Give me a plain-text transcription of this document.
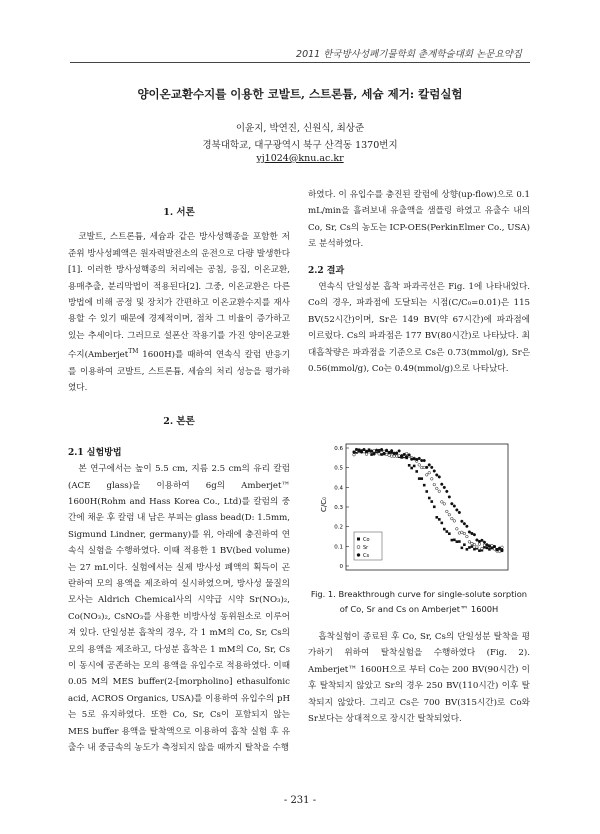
2011 한국방사성폐기물학회 춘계학술대회 논문요약집
양이온교환수지를 이용한 코발트, 스트론튬, 세슘 제거: 칼럼실험
이윤지, 박연진, 신원식, 최상준
경북대학교, 대구광역시 북구 산격동 1370번지
yj1024@knu.ac.kr
1. 서론

코발트, 스트론튬, 세슘과 같은 방사성핵종을 포함한 저준위 방사성폐액은 원자력발전소의 운전으로 다량 발생한다[1]. 이러한 방사성핵종의 처리에는 공침, 응집, 이온교환, 용매추출, 분리막법이 적용된다[2]. 그중, 이온교환은 다른 방법에 비해 공정 및 장치가 간편하고 이온교환수지를 재사용할 수 있기 때문에 경제적이며, 점차 그 비율이 증가하고 있는 추세이다. 그러므로 설폰산 작용기를 가진 양이온교환수지(Amberjet™ 1600H)를 때하여 연속식 칼럼 반응기를 이용하여 코발트, 스트론튬, 세슘의 처리 성능을 평가하였다.

2. 본론
2.1 실험방법

본 연구에서는 높이 5.5 cm, 지름 2.5 cm의 유리 칼럼(ACE glass)을 이용하여 6g의 Amberjet™ 1600H(Rohm and Hass Korea Co., Ltd)를 칼럼의 중간에 채운 후 칼럼 내 남은 부피는 glass bead(D: 1.5mm, Sigmund Lindner, germany)를 위, 아래에 충진하여 연속식 실험을 수행하였다. 이때 적용한 1 BV(bed volume)는 27 mL이다. 실험에서는 실제 방사성 폐액의 획득이 곤란하여 모의 용액을 제조하여 실시하였으며, 방사성 물질의 모사는 Aldrich Chemical사의 시약급 시약 Sr(NO₃)₂, Co(NO₃)₂, CsNO₃를 사용한 비방사성 동위원소로 이루어져 있다. 단일성분 흡착의 경우, 각 1 mM의 Co, Sr, Cs의 모의 용액을 제조하고, 다성분 흡착은 1 mM의 Co, Sr, Cs이 동시에 공존하는 모의 용액을 유입수로 적용하였다. 이때 0.05 M의 MES buffer(2-[morpholino] ethasulfonic acid, ACROS Organics, USA)를 이용하여 유입수의 pH는 5로 유지하였다. 또한 Co, Sr, Cs이 포함되지 않는 MES buffer 용액을 탈착액으로 이용하여 흡착 실험 후 유출수 내 중금속의 농도가 측정되지 않을 때까지 탈착을 수행

하였다. 이 유입수를 충진된 칼럼에 상향(up-flow)으로 0.1 mL/min을 흘려보내 유출액을 샘플링 하였고 유출수 내의 Co, Sr, Cs의 농도는 ICP-OES(PerkinElmer Co., USA)로 분석하였다.

2.2 결과

연속식 단일성분 흡착 파과곡선은 Fig. 1에 나타내었다. Co의 경우, 파과점에 도달되는 시점(C/C₀=0.01)은 115 BV(52시간)이며, Sr은 149 BV(약 67시간)에 파과점에 이르렀다. Cs의 파과점은 177 BV(80시간)로 나타났다. 최대흡착량은 파과점을 기준으로 Cs은 0.73(mmol/g), Sr은 0.56(mmol/g), Co는 0.49(mmol/g)으로 나타났다.

0.6
0.5
0.4
0.3
0.2
0.1
0
C/C₀
Co
Sr
Cs
Fig. 1. Breakthrough curve for single-solute sorption of Co, Sr and Cs on Amberjet™ 1600H

흡착실험이 종료된 후 Co, Sr, Cs의 단일성분 탈착을 평가하기 위하여 탈착실험을 수행하였다 (Fig. 2). Amberjet™ 1600H으로 부터 Co는 200 BV(90시간) 이후 탈착되지 않았고 Sr의 경우 250 BV(110시간) 이후 탈착되지 않았다. 그리고 Cs은 700 BV(315시간)로 Co와 Sr보다는 상대적으로 장시간 탈착되었다.

- 231 -
